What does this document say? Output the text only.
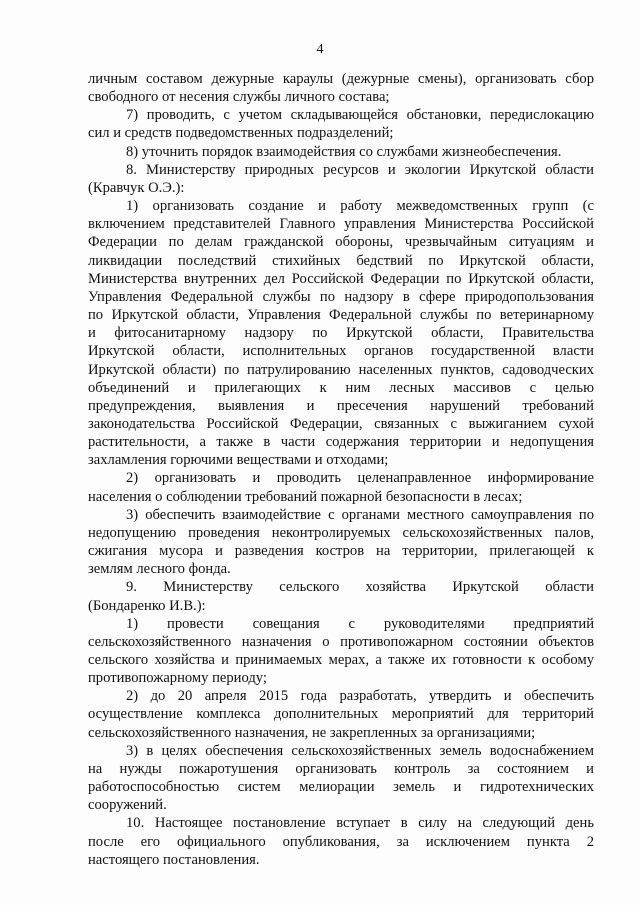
4

личным составом дежурные караулы (дежурные смены), организовать сбор
свободного от несения службы личного состава;

7) проводить, с учетом складывающейся обстановки, передислокацию
сил и средств подведомственных подразделений;

8) уточнить порядок взаимодействия со службами жизнеобеспечения.

8. Министерству природных ресурсов и экологии Иркутской области
(Кравчук О.Э.):

1) организовать создание и работу межведомственных групп (с
включением представителей Главного управления Министерства Российской
Федерации по делам гражданской обороны, чрезвычайным ситуациям и
ликвидации последствий стихийных бедствий по Иркутской области,
Министерства внутренних дел Российской Федерации по Иркутской области,
Управления Федеральной службы по надзору в сфере природопользования
по Иркутской области, Управления Федеральной службы по ветеринарному
и фитосанитарному надзору по Иркутской области, Правительства
Иркутской области, исполнительных органов государственной власти
Иркутской области) по патрулированию населенных пунктов, садоводческих
объединений и прилегающих к ним лесных массивов с целью
предупреждения, выявления и пресечения нарушений требований
законодательства Российской Федерации, связанных с выжиганием сухой
растительности, а также в части содержания территории и недопущения
захламления горючими веществами и отходами;

2) организовать и проводить целенаправленное информирование
населения о соблюдении требований пожарной безопасности в лесах;

3) обеспечить взаимодействие с органами местного самоуправления по
недопущению проведения неконтролируемых сельскохозяйственных палов,
сжигания мусора и разведения костров на территории, прилегающей к
землям лесного фонда.

9. Министерству сельского хозяйства Иркутской области
(Бондаренко И.В.):

1) провести совещания с руководителями предприятий
сельскохозяйственного назначения о противопожарном состоянии объектов
сельского хозяйства и принимаемых мерах, а также их готовности к особому
противопожарному периоду;

2) до 20 апреля 2015 года разработать, утвердить и обеспечить
осуществление комплекса дополнительных мероприятий для территорий
сельскохозяйственного назначения, не закрепленных за организациями;

3) в целях обеспечения сельскохозяйственных земель водоснабжением
на нужды пожаротушения организовать контроль за состоянием и
работоспособностью систем мелиорации земель и гидротехнических
сооружений.

10. Настоящее постановление вступает в силу на следующий день
после его официального опубликования, за исключением пункта 2
настоящего постановления.
